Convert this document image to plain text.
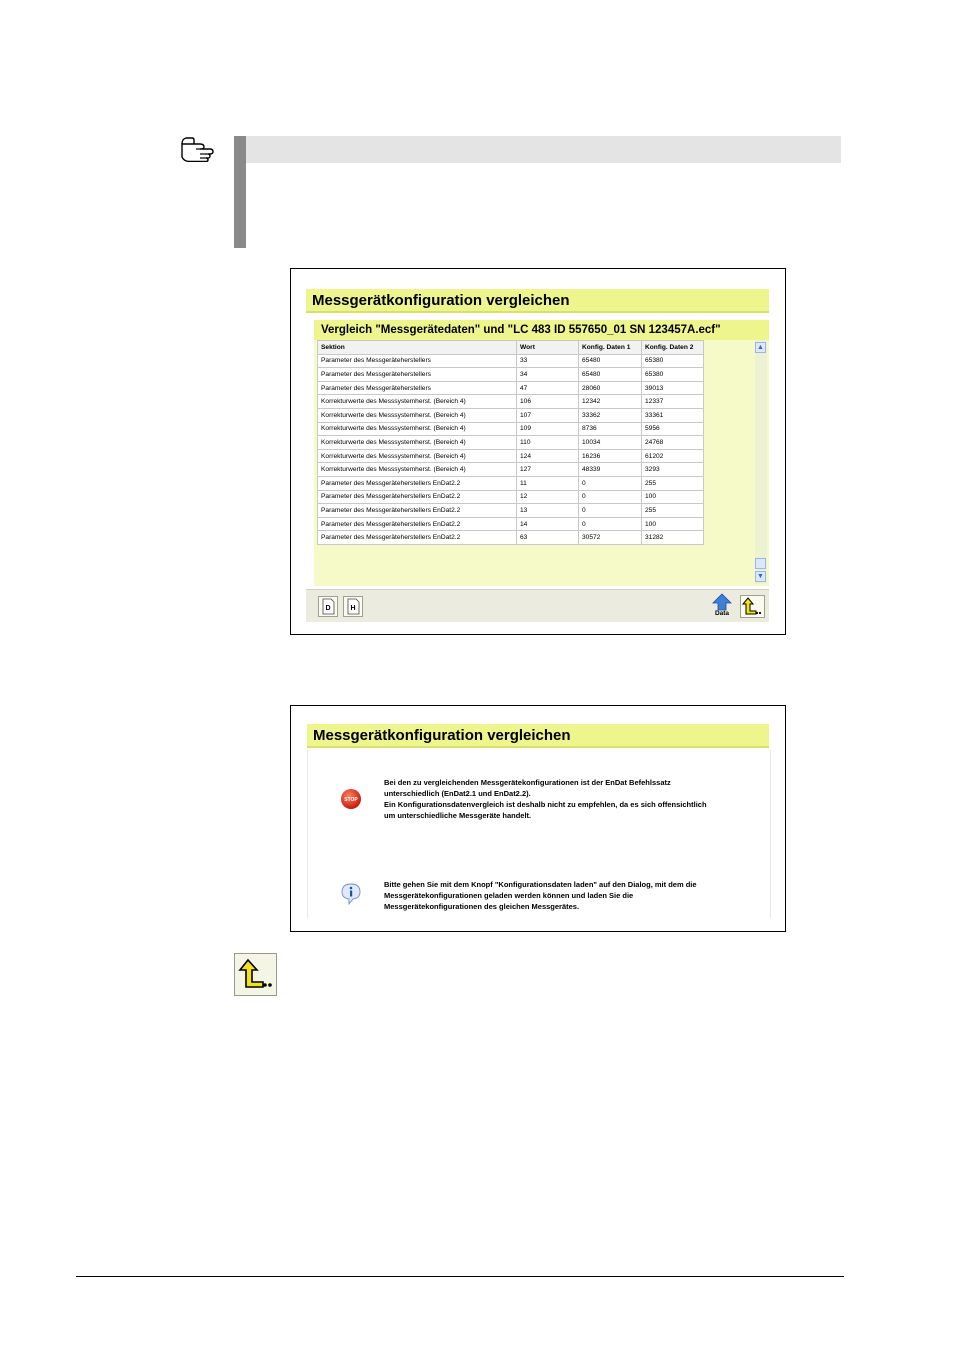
Messgerätkonfiguration vergleichen
Vergleich "Messgerätedaten" und "LC 483 ID 557650_01 SN 123457A.ecf"
Sektion	Wort	Konfig. Daten 1	Konfig. Daten 2
Parameter des Messgeräteherstellers	33	65480	65380
Parameter des Messgeräteherstellers	34	65480	65380
Parameter des Messgeräteherstellers	47	28060	39013
Korrekturwerte des Messsystemherst. (Bereich 4)	106	12342	12337
Korrekturwerte des Messsystemherst. (Bereich 4)	107	33362	33361
Korrekturwerte des Messsystemherst. (Bereich 4)	109	8736	5956
Korrekturwerte des Messsystemherst. (Bereich 4)	110	10034	24768
Korrekturwerte des Messsystemherst. (Bereich 4)	124	16236	61202
Korrekturwerte des Messsystemherst. (Bereich 4)	127	48339	3293
Parameter des Messgeräteherstellers EnDat2.2	11	0	255
Parameter des Messgeräteherstellers EnDat2.2	12	0	100
Parameter des Messgeräteherstellers EnDat2.2	13	0	255
Parameter des Messgeräteherstellers EnDat2.2	14	0	100
Parameter des Messgeräteherstellers EnDat2.2	63	30572	31282
▲
▼
D	H
Data
Messgerätkonfiguration vergleichen
STOP
Bei den zu vergleichenden Messgerätekonfigurationen ist der EnDat Befehlssatz
unterschiedlich (EnDat2.1 und EnDat2.2).
Ein Konfigurationsdatenvergleich ist deshalb nicht zu empfehlen, da es sich offensichtlich
um unterschiedliche Messgeräte handelt.
Bitte gehen Sie mit dem Knopf "Konfigurationsdaten laden" auf den Dialog, mit dem die
Messgerätekonfigurationen geladen werden können und laden Sie die
Messgerätekonfigurationen des gleichen Messgerätes.
